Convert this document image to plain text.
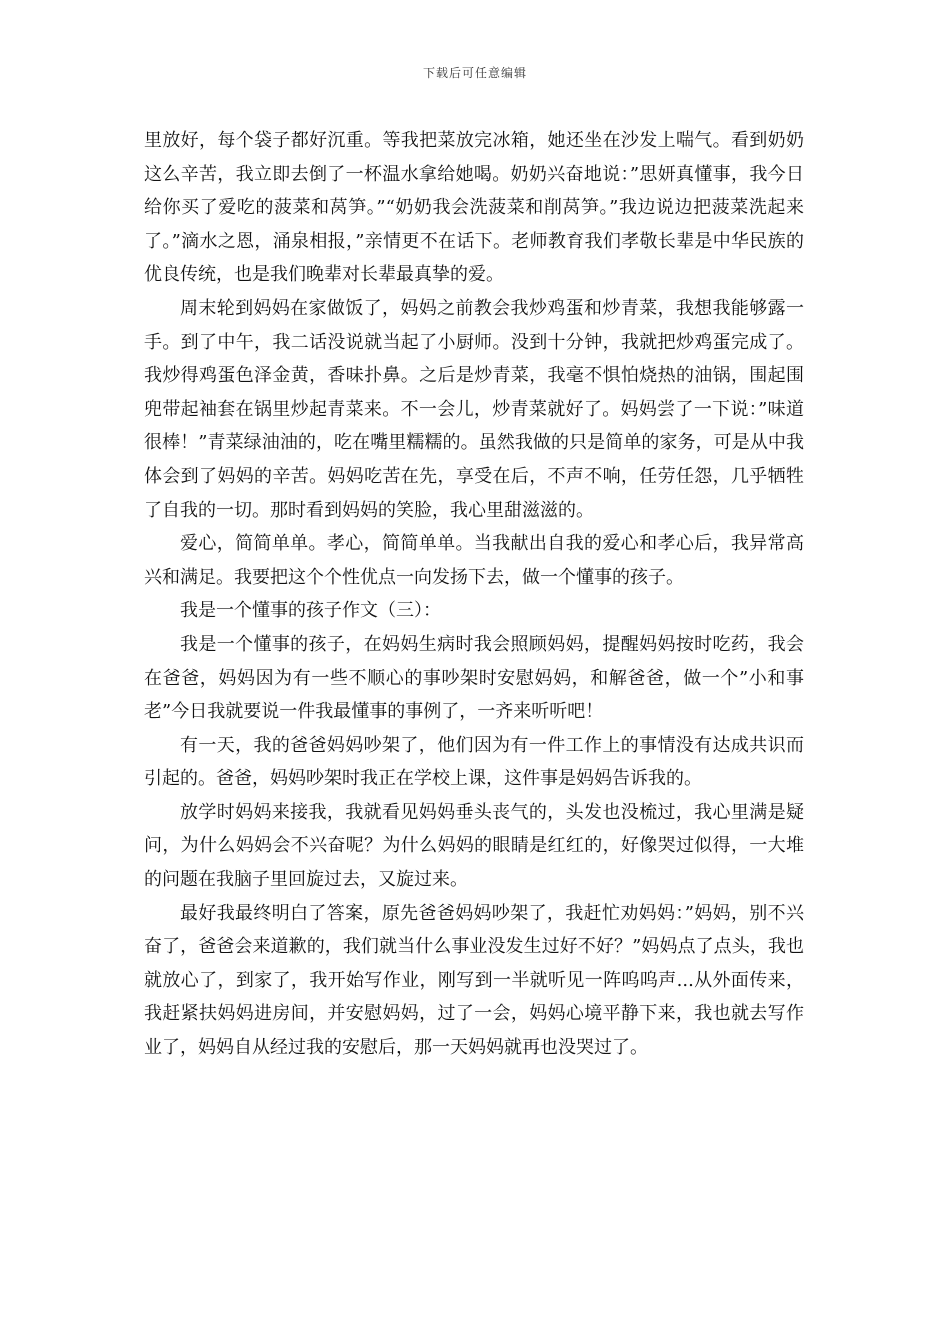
下载后可任意编辑

里放好，每个袋子都好沉重。等我把菜放完冰箱，她还坐在沙发上喘气。看到奶奶这么辛苦，我立即去倒了一杯温水拿给她喝。奶奶兴奋地说：”思妍真懂事，我今日给你买了爱吃的菠菜和莴笋。”“奶奶我会洗菠菜和削莴笋。”我边说边把菠菜洗起来了。”滴水之恩，涌泉相报，”亲情更不在话下。老师教育我们孝敬长辈是中华民族的优良传统，也是我们晚辈对长辈最真挚的爱。

周末轮到妈妈在家做饭了，妈妈之前教会我炒鸡蛋和炒青菜，我想我能够露一手。到了中午，我二话没说就当起了小厨师。没到十分钟，我就把炒鸡蛋完成了。我炒得鸡蛋色泽金黄，香味扑鼻。之后是炒青菜，我毫不惧怕烧热的油锅，围起围兜带起袖套在锅里炒起青菜来。不一会儿，炒青菜就好了。妈妈尝了一下说：”味道很棒！”青菜绿油油的，吃在嘴里糯糯的。虽然我做的只是简单的家务，可是从中我体会到了妈妈的辛苦。妈妈吃苦在先，享受在后，不声不响，任劳任怨，几乎牺牲了自我的一切。那时看到妈妈的笑脸，我心里甜滋滋的。

爱心，简简单单。孝心，简简单单。当我献出自我的爱心和孝心后，我异常高兴和满足。我要把这个个性优点一向发扬下去，做一个懂事的孩子。

我是一个懂事的孩子作文（三）：

我是一个懂事的孩子，在妈妈生病时我会照顾妈妈，提醒妈妈按时吃药，我会在爸爸，妈妈因为有一些不顺心的事吵架时安慰妈妈，和解爸爸，做一个”小和事老”今日我就要说一件我最懂事的事例了，一齐来听听吧！

有一天，我的爸爸妈妈吵架了，他们因为有一件工作上的事情没有达成共识而引起的。爸爸，妈妈吵架时我正在学校上课，这件事是妈妈告诉我的。

放学时妈妈来接我，我就看见妈妈垂头丧气的，头发也没梳过，我心里满是疑问，为什么妈妈会不兴奋呢？为什么妈妈的眼睛是红红的，好像哭过似得，一大堆的问题在我脑子里回旋过去，又旋过来。

最好我最终明白了答案，原先爸爸妈妈吵架了，我赶忙劝妈妈：”妈妈，别不兴奋了，爸爸会来道歉的，我们就当什么事业没发生过好不好？”妈妈点了点头，我也就放心了，到家了，我开始写作业，刚写到一半就听见一阵呜呜声...从外面传来，我赶紧扶妈妈进房间，并安慰妈妈，过了一会，妈妈心境平静下来，我也就去写作业了，妈妈自从经过我的安慰后，那一天妈妈就再也没哭过了。
